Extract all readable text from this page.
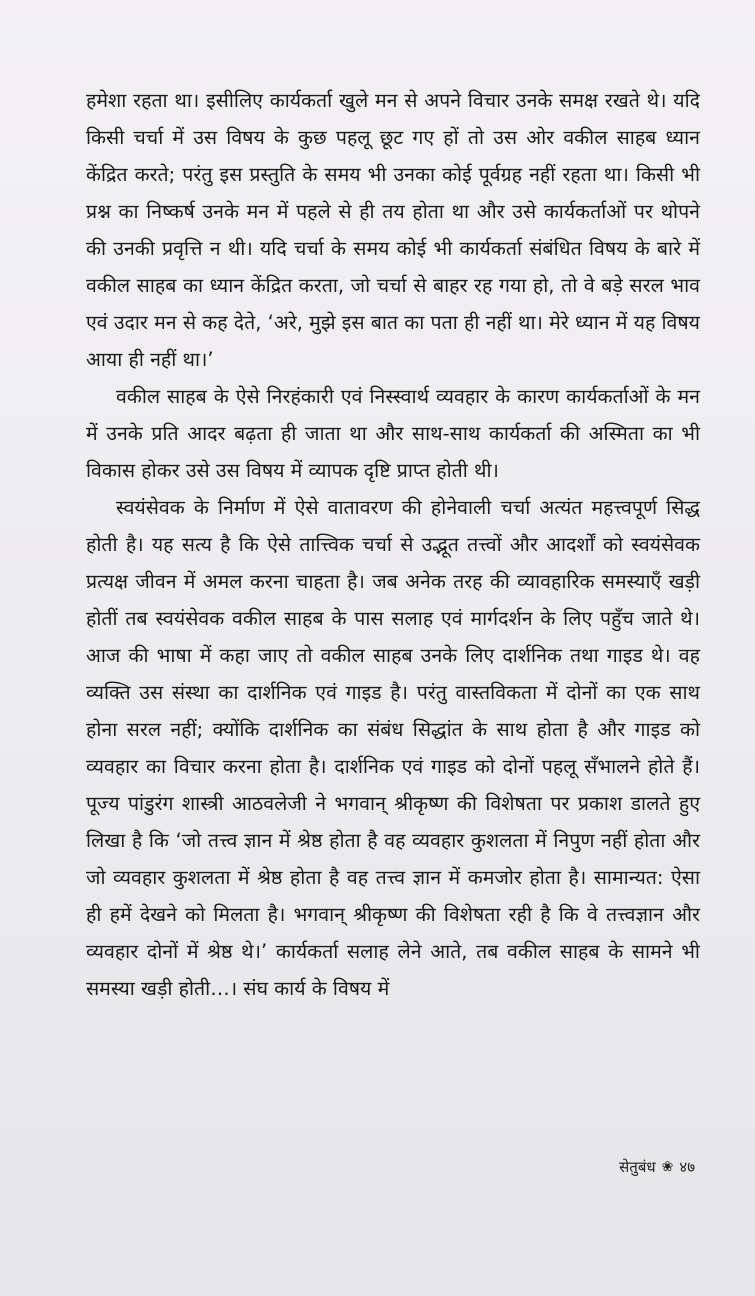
हमेशा रहता था। इसीलिए कार्यकर्ता खुले मन से अपने विचार उनके समक्ष रखते थे। यदि किसी चर्चा में उस विषय के कुछ पहलू छूट गए हों तो उस ओर वकील साहब ध्यान केंद्रित करते; परंतु इस प्रस्तुति के समय भी उनका कोई पूर्वग्रह नहीं रहता था। किसी भी प्रश्न का निष्कर्ष उनके मन में पहले से ही तय होता था और उसे कार्यकर्ताओं पर थोपने की उनकी प्रवृत्ति न थी। यदि चर्चा के समय कोई भी कार्यकर्ता संबंधित विषय के बारे में वकील साहब का ध्यान केंद्रित करता, जो चर्चा से बाहर रह गया हो, तो वे बड़े सरल भाव एवं उदार मन से कह देते, ‘अरे, मुझे इस बात का पता ही नहीं था। मेरे ध्यान में यह विषय आया ही नहीं था।’

वकील साहब के ऐसे निरहंकारी एवं निस्स्वार्थ व्यवहार के कारण कार्यकर्ताओं के मन में उनके प्रति आदर बढ़ता ही जाता था और साथ-साथ कार्यकर्ता की अस्मिता का भी विकास होकर उसे उस विषय में व्यापक दृष्टि प्राप्त होती थी।

स्वयंसेवक के निर्माण में ऐसे वातावरण की होनेवाली चर्चा अत्यंत महत्त्वपूर्ण सिद्ध होती है। यह सत्य है कि ऐसे तात्त्विक चर्चा से उद्भूत तत्त्वों और आदर्शों को स्वयंसेवक प्रत्यक्ष जीवन में अमल करना चाहता है। जब अनेक तरह की व्यावहारिक समस्याएँ खड़ी होतीं तब स्वयंसेवक वकील साहब के पास सलाह एवं मार्गदर्शन के लिए पहुँच जाते थे। आज की भाषा में कहा जाए तो वकील साहब उनके लिए दार्शनिक तथा गाइड थे। वह व्यक्ति उस संस्था का दार्शनिक एवं गाइड है। परंतु वास्तविकता में दोनों का एक साथ होना सरल नहीं; क्योंकि दार्शनिक का संबंध सिद्धांत के साथ होता है और गाइड को व्यवहार का विचार करना होता है। दार्शनिक एवं गाइड को दोनों पहलू सँभालने होते हैं। पूज्य पांडुरंग शास्त्री आठवलेजी ने भगवान् श्रीकृष्ण की विशेषता पर प्रकाश डालते हुए लिखा है कि ‘जो तत्त्व ज्ञान में श्रेष्ठ होता है वह व्यवहार कुशलता में निपुण नहीं होता और जो व्यवहार कुशलता में श्रेष्ठ होता है वह तत्त्व ज्ञान में कमजोर होता है। सामान्यत: ऐसा ही हमें देखने को मिलता है। भगवान् श्रीकृष्ण की विशेषता रही है कि वे तत्त्वज्ञान और व्यवहार दोनों में श्रेष्ठ थे।’ कार्यकर्ता सलाह लेने आते, तब वकील साहब के सामने भी समस्या खड़ी होती…। संघ कार्य के विषय में

सेतुबंध ❀ ४७
